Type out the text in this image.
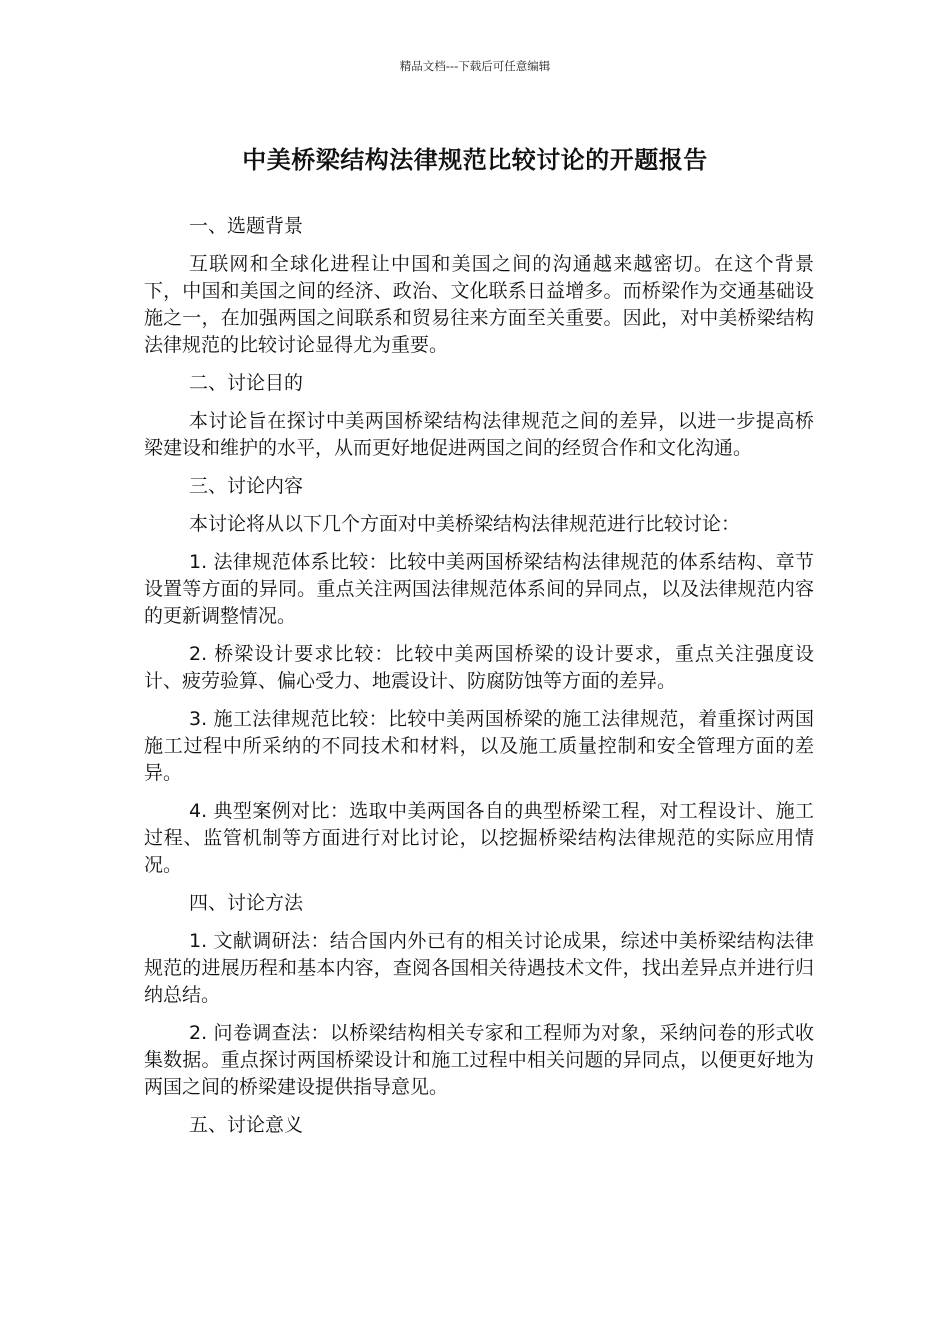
精品文档---下载后可任意编辑
中美桥梁结构法律规范比较讨论的开题报告

一、选题背景

互联网和全球化进程让中国和美国之间的沟通越来越密切。在这个背景下，中国和美国之间的经济、政治、文化联系日益增多。而桥梁作为交通基础设施之一，在加强两国之间联系和贸易往来方面至关重要。因此，对中美桥梁结构法律规范的比较讨论显得尤为重要。

二、讨论目的

本讨论旨在探讨中美两国桥梁结构法律规范之间的差异，以进一步提高桥梁建设和维护的水平，从而更好地促进两国之间的经贸合作和文化沟通。

三、讨论内容

本讨论将从以下几个方面对中美桥梁结构法律规范进行比较讨论：

1. 法律规范体系比较：比较中美两国桥梁结构法律规范的体系结构、章节设置等方面的异同。重点关注两国法律规范体系间的异同点，以及法律规范内容的更新调整情况。

2. 桥梁设计要求比较：比较中美两国桥梁的设计要求，重点关注强度设计、疲劳验算、偏心受力、地震设计、防腐防蚀等方面的差异。

3. 施工法律规范比较：比较中美两国桥梁的施工法律规范，着重探讨两国施工过程中所采纳的不同技术和材料，以及施工质量控制和安全管理方面的差异。

4. 典型案例对比：选取中美两国各自的典型桥梁工程，对工程设计、施工过程、监管机制等方面进行对比讨论，以挖掘桥梁结构法律规范的实际应用情况。

四、讨论方法

1. 文献调研法：结合国内外已有的相关讨论成果，综述中美桥梁结构法律规范的进展历程和基本内容，查阅各国相关待遇技术文件，找出差异点并进行归纳总结。

2. 问卷调查法：以桥梁结构相关专家和工程师为对象，采纳问卷的形式收集数据。重点探讨两国桥梁设计和施工过程中相关问题的异同点，以便更好地为两国之间的桥梁建设提供指导意见。

五、讨论意义
